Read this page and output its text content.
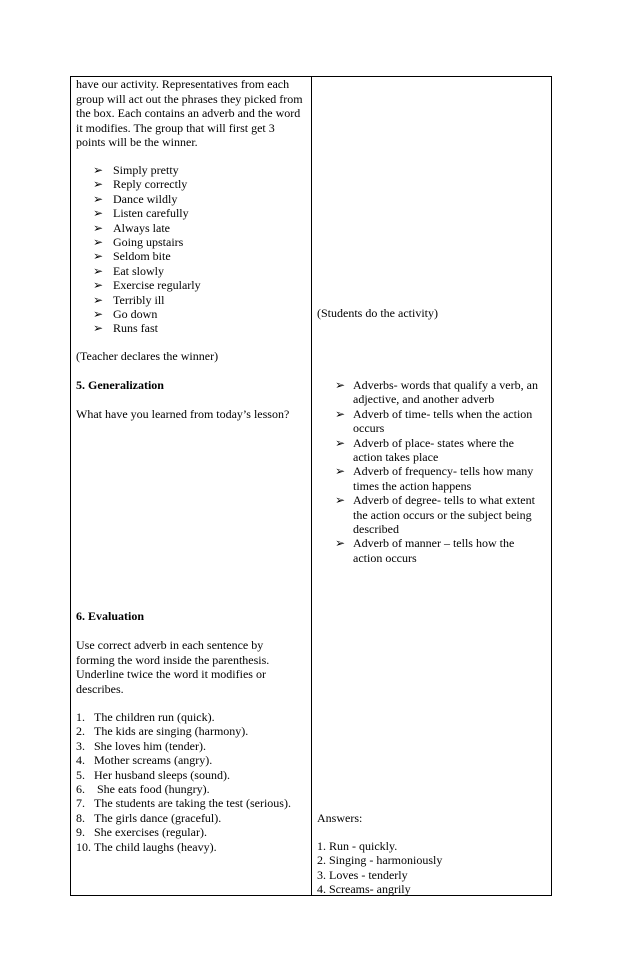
have our activity. Representatives from each group will act out the phrases they picked from the box. Each contains an adverb and the word it modifies. The group that will first get 3 points will be the winner.

➢ Simply pretty
➢ Reply correctly
➢ Dance wildly
➢ Listen carefully
➢ Always late
➢ Going upstairs
➢ Seldom bite
➢ Eat slowly
➢ Exercise regularly
➢ Terribly ill
➢ Go down
➢ Runs fast

(Teacher declares the winner)

5. Generalization

What have you learned from today’s lesson?

6. Evaluation

Use correct adverb in each sentence by forming the word inside the parenthesis. Underline twice the word it modifies or describes.

1. The children run (quick).
2. The kids are singing (harmony).
3. She loves him (tender).
4. Mother screams (angry).
5. Her husband sleeps (sound).
6. She eats food (hungry).
7. The students are taking the test (serious).
8. The girls dance (graceful).
9. She exercises (regular).
10. The child laughs (heavy).

(Students do the activity)

➢ Adverbs- words that qualify a verb, an adjective, and another adverb
➢ Adverb of time- tells when the action occurs
➢ Adverb of place- states where the action takes place
➢ Adverb of frequency- tells how many times the action happens
➢ Adverb of degree- tells to what extent the action occurs or the subject being described
➢ Adverb of manner – tells how the action occurs

Answers:

1. Run - quickly.
2. Singing - harmoniously
3. Loves - tenderly
4. Screams- angrily
